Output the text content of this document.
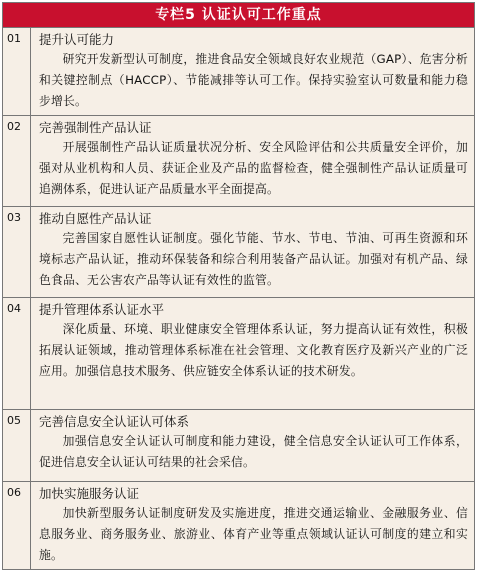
专栏5 认证认可工作重点
01	提升认可能力
研究开发新型认可制度，推进食品安全领域良好农业规范（GAP）、危害分析和关键控制点（HACCP）、节能减排等认可工作。保持实验室认可数量和能力稳步增长。
02	完善强制性产品认证
开展强制性产品认证质量状况分析、安全风险评估和公共质量安全评价，加强对从业机构和人员、获证企业及产品的监督检查，健全强制性产品认证质量可追溯体系，促进认证产品质量水平全面提高。
03	推动自愿性产品认证
完善国家自愿性认证制度。强化节能、节水、节电、节油、可再生资源和环境标志产品认证，推动环保装备和综合利用装备产品认证。加强对有机产品、绿色食品、无公害农产品等认证有效性的监管。
04	提升管理体系认证水平
深化质量、环境、职业健康安全管理体系认证，努力提高认证有效性，积极拓展认证领域，推动管理体系标准在社会管理、文化教育医疗及新兴产业的广泛应用。加强信息技术服务、供应链安全体系认证的技术研发。
05	完善信息安全认证认可体系
加强信息安全认证认可制度和能力建设，健全信息安全认证认可工作体系，促进信息安全认证认可结果的社会采信。
06	加快实施服务认证
加快新型服务认证制度研发及实施进度，推进交通运输业、金融服务业、信息服务业、商务服务业、旅游业、体育产业等重点领域认证认可制度的建立和实施。
